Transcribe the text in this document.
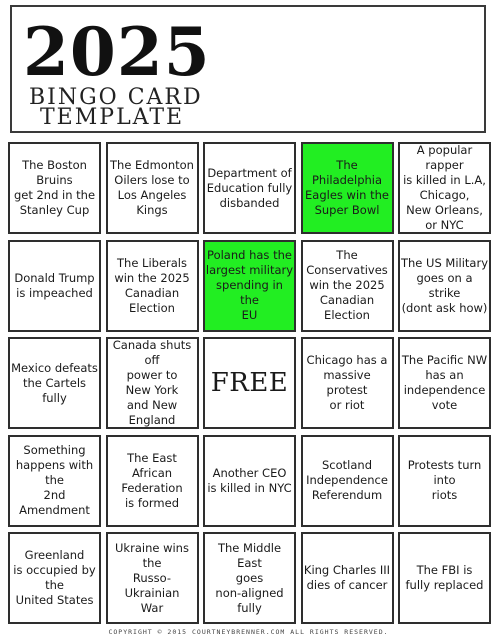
2025
BINGO CARD
TEMPLATE
The Boston Bruins
get 2nd in the
Stanley Cup
The Edmonton
Oilers lose to
Los Angeles Kings
Department of
Education fully
disbanded
The Philadelphia
Eagles win the
Super Bowl
A popular rapper
is killed in L.A,
Chicago,
New Orleans, or NYC
Donald Trump
is impeached
The Liberals
win the 2025
Canadian Election
Poland has the
largest military
spending in the
EU
The Conservatives
win the 2025
Canadian Election
The US Military
goes on a strike
(dont ask how)
Mexico defeats
the Cartels fully
Canada shuts off
power to
New York
and New England
FREE
Chicago has a
massive protest
or riot
The Pacific NW
has an
independence vote
Something
happens with the
2nd Amendment
The East
African Federation
is formed
Another CEO
is killed in NYC
Scotland
Independence
Referendum
Protests turn into
riots
Greenland
is occupied by the
United States
Ukraine wins the
Russo-Ukrainian
War
The Middle East
goes
non-aligned
fully
King Charles III
dies of cancer
The FBI is
fully replaced
COPYRIGHT © 2015 COURTNEYBRENNER.COM ALL RIGHTS RESERVED.
